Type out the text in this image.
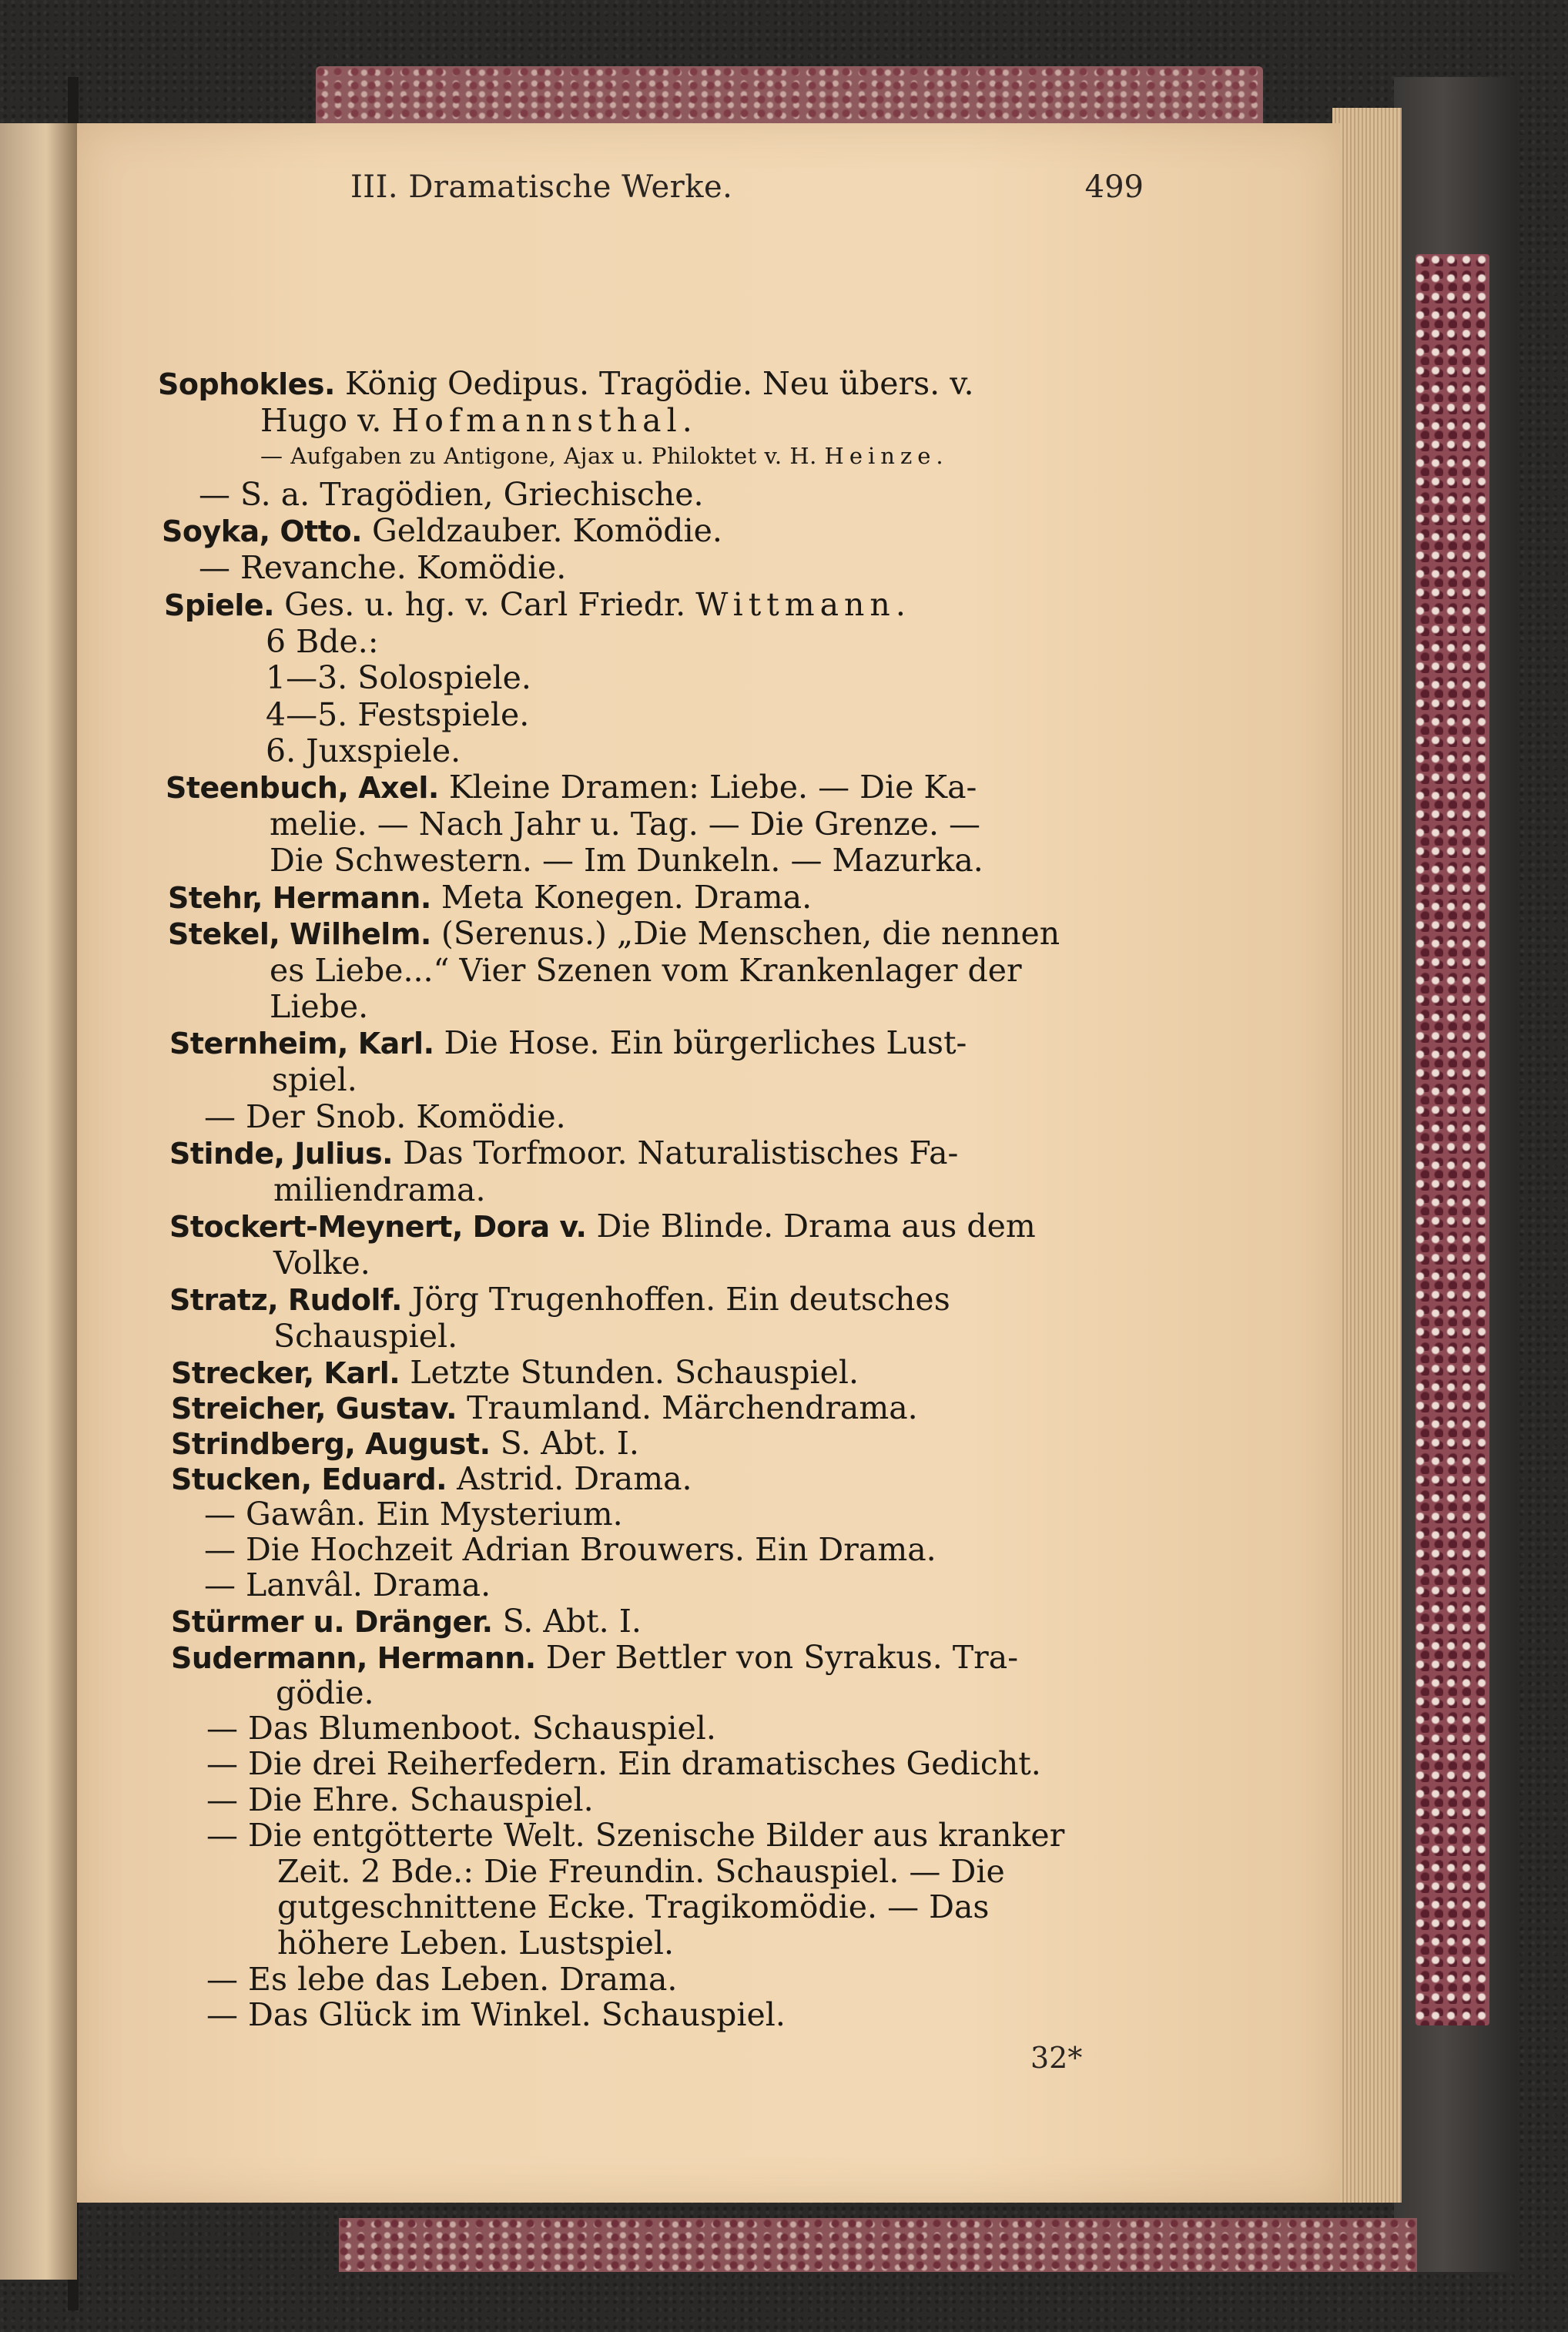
III. Dramatische Werke.	499
Sophokles. König Oedipus. Tragödie. Neu übers. v.
Hugo v. Hofmannsthal.
— Aufgaben zu Antigone, Ajax u. Philoktet v. H. Heinze.
— S. a. Tragödien, Griechische.
Soyka, Otto. Geldzauber. Komödie.
— Revanche. Komödie.
Spiele. Ges. u. hg. v. Carl Friedr. Wittmann.
6 Bde.:
1—3. Solospiele.
4—5. Festspiele.
6. Juxspiele.
Steenbuch, Axel. Kleine Dramen: Liebe. — Die Ka-
melie. — Nach Jahr u. Tag. — Die Grenze. —
Die Schwestern. — Im Dunkeln. — Mazurka.
Stehr, Hermann. Meta Konegen. Drama.
Stekel, Wilhelm. (Serenus.) „Die Menschen, die nennen
es Liebe...“ Vier Szenen vom Krankenlager der
Liebe.
Sternheim, Karl. Die Hose. Ein bürgerliches Lust-
spiel.
— Der Snob. Komödie.
Stinde, Julius. Das Torfmoor. Naturalistisches Fa-
miliendrama.
Stockert-Meynert, Dora v. Die Blinde. Drama aus dem
Volke.
Stratz, Rudolf. Jörg Trugenhoffen. Ein deutsches
Schauspiel.
Strecker, Karl. Letzte Stunden. Schauspiel.
Streicher, Gustav. Traumland. Märchendrama.
Strindberg, August. S. Abt. I.
Stucken, Eduard. Astrid. Drama.
— Gawân. Ein Mysterium.
— Die Hochzeit Adrian Brouwers. Ein Drama.
— Lanvâl. Drama.
Stürmer u. Dränger. S. Abt. I.
Sudermann, Hermann. Der Bettler von Syrakus. Tra-
gödie.
— Das Blumenboot. Schauspiel.
— Die drei Reiherfedern. Ein dramatisches Gedicht.
— Die Ehre. Schauspiel.
— Die entgötterte Welt. Szenische Bilder aus kranker
Zeit. 2 Bde.: Die Freundin. Schauspiel. — Die
gutgeschnittene Ecke. Tragikomödie. — Das
höhere Leben. Lustspiel.
— Es lebe das Leben. Drama.
— Das Glück im Winkel. Schauspiel.
32*
